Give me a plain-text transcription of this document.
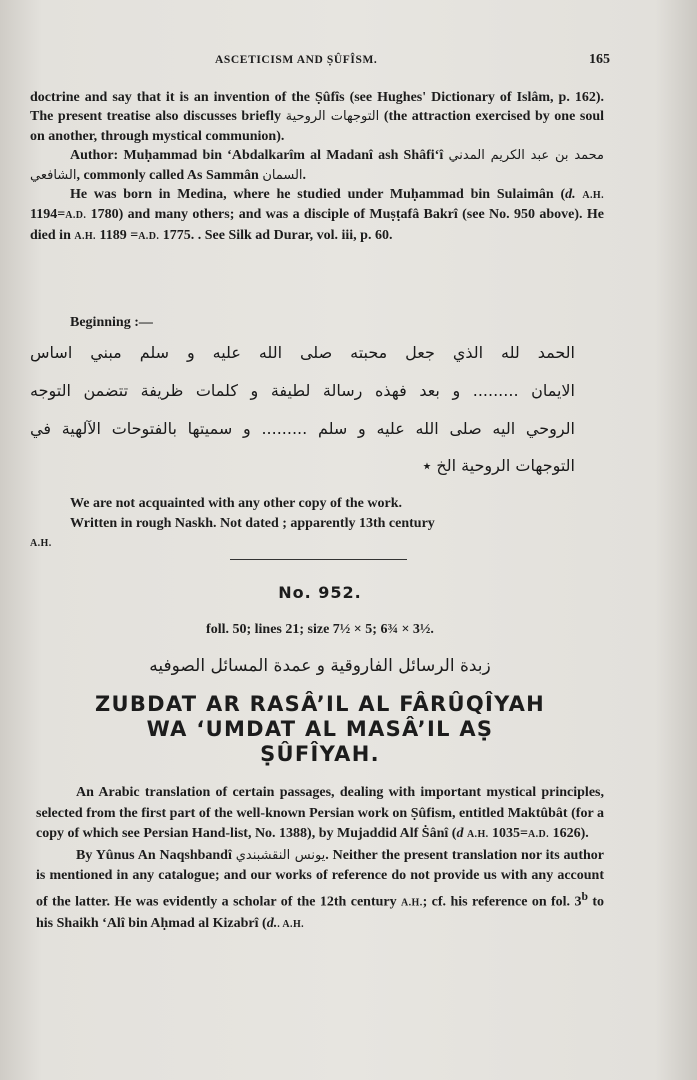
ASCETICISM AND ṢÛFÎSM.	165

doctrine and say that it is an invention of the Ṣûfîs (see Hughes' Dictionary of Islâm, p. 162). The present treatise also discusses briefly التوجهات الروحية (the attraction exercised by one soul on another, through mystical communion).

Author: Muḥammad bin ‘Abdalkarîm al Madanî ash Shâfi‘î محمد بن عبد الكريم المدني الشافعي, commonly called As Sammân السمان.

He was born in Medina, where he studied under Muḥammad bin Sulaimân (d. A.H. 1194=A.D. 1780) and many others; and was a disciple of Muṣṭafâ Bakrî (see No. 950 above). He died in A.H. 1189 =A.D. 1775. . See Silk ad Durar, vol. iii, p. 60.

Beginning :—
الحمد لله الذي جعل محبته صلى الله عليه و سلم مبني اساس
الايمان ......... و بعد فهذه رسالة لطيفة و كلمات ظريفة تتضمن التوجه
الروحي اليه صلى الله عليه و سلم ......... و سميتها بالفتوحات الآلهية في
التوجهات الروحية الخ ٭
We are not acquainted with any other copy of the work.
Written in rough Naskh. Not dated ; apparently 13th century
A.H.
No. 952.
foll. 50; lines 21; size 7½ × 5; 6¾ × 3½.
زبدة الرسائل الفاروقية و عمدة المسائل الصوفيه
ZUBDAT AR RASÂ’IL AL FÂRÛQÎYAH
WA ‘UMDAT AL MASÂ’IL AṢ
ṢÛFÎYAH.

An Arabic translation of certain passages, dealing with important mystical principles, selected from the first part of the well-known Persian work on Ṣûfism, entitled Maktûbât (for a copy of which see Persian Hand-list, No. 1388), by Mujaddid Alf Ṡânî (d A.H. 1035=A.D. 1626).

By Yûnus An Naqshbandî يونس النقشبندي. Neither the present translation nor its author is mentioned in any catalogue; and our works of reference do not provide us with any account of the latter. He was evidently a scholar of the 12th century A.H.; cf. his reference on fol. 3$^b$ to his Shaikh ‘Alî bin Aḥmad al Kizabrî (d.. A.H.
